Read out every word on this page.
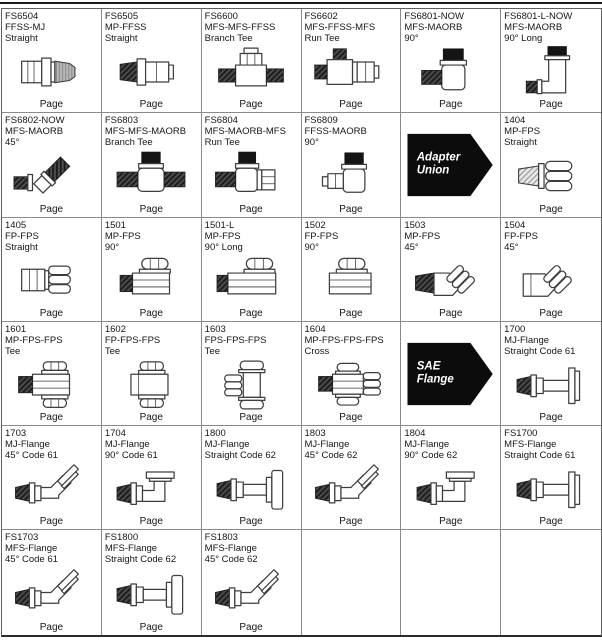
FS6504
FFSS-MJ
Straight
Page
FS6505
MP-FFSS
Straight
Page
FS6600
MFS-MFS-FFSS
Branch Tee
Page
FS6602
MFS-FFSS-MFS
Run Tee
Page
FS6801-NOW
MFS-MAORB
90°
Page
FS6801-L-NOW
MFS-MAORB
90° Long
Page
FS6802-NOW
MFS-MAORB
45°
Page
FS6803
MFS-MFS-MAORB
Branch Tee
Page
FS6804
MFS-MAORB-MFS
Run Tee
Page
FS6809
FFSS-MAORB
90°
Page
Adapter
Union
1404
MP-FPS
Straight
Page
1405
FP-FPS
Straight
Page
1501
MP-FPS
90°
Page
1501-L
MP-FPS
90° Long
Page
1502
FP-FPS
90°
Page
1503
MP-FPS
45°
Page
1504
FP-FPS
45°
Page
1601
MP-FPS-FPS
Tee
Page
1602
FP-FPS-FPS
Tee
Page
1603
FPS-FPS-FPS
Tee
Page
1604
MP-FPS-FPS-FPS
Cross
Page
SAE
Flange
1700
MJ-Flange
Straight Code 61
Page
1703
MJ-Flange
45° Code 61
Page
1704
MJ-Flange
90° Code 61
Page
1800
MJ-Flange
Straight Code 62
Page
1803
MJ-Flange
45° Code 62
Page
1804
MJ-Flange
90° Code 62
Page
FS1700
MFS-Flange
Straight Code 61
Page
FS1703
MFS-Flange
45° Code 61
Page
FS1800
MFS-Flange
Straight Code 62
Page
FS1803
MFS-Flange
45° Code 62
Page
